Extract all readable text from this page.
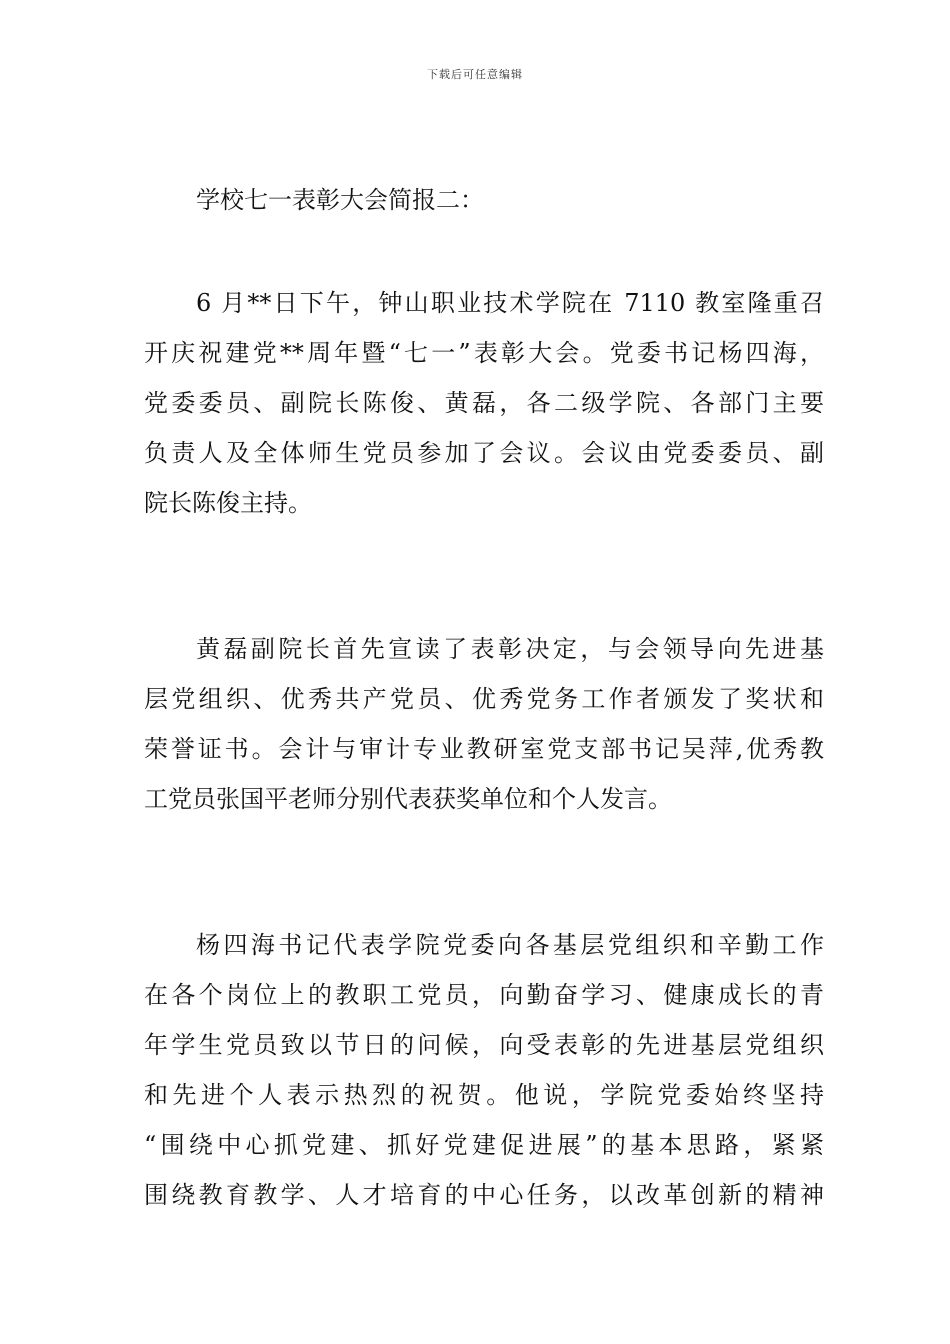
下载后可任意编辑
学校七一表彰大会简报二：
6 月**日下午，钟山职业技术学院在 7110 教室隆重召
开庆祝建党**周年暨“七一”表彰大会。党委书记杨四海，
党委委员、副院长陈俊、黄磊，各二级学院、各部门主要
负责人及全体师生党员参加了会议。会议由党委委员、副
院长陈俊主持。
黄磊副院长首先宣读了表彰决定，与会领导向先进基
层党组织、优秀共产党员、优秀党务工作者颁发了奖状和
荣誉证书。会计与审计专业教研室党支部书记吴萍,优秀教
工党员张国平老师分别代表获奖单位和个人发言。
杨四海书记代表学院党委向各基层党组织和辛勤工作
在各个岗位上的教职工党员，向勤奋学习、健康成长的青
年学生党员致以节日的问候，向受表彰的先进基层党组织
和先进个人表示热烈的祝贺。他说，学院党委始终坚持
“围绕中心抓党建、抓好党建促进展”的基本思路，紧紧
围绕教育教学、人才培育的中心任务，以改革创新的精神
